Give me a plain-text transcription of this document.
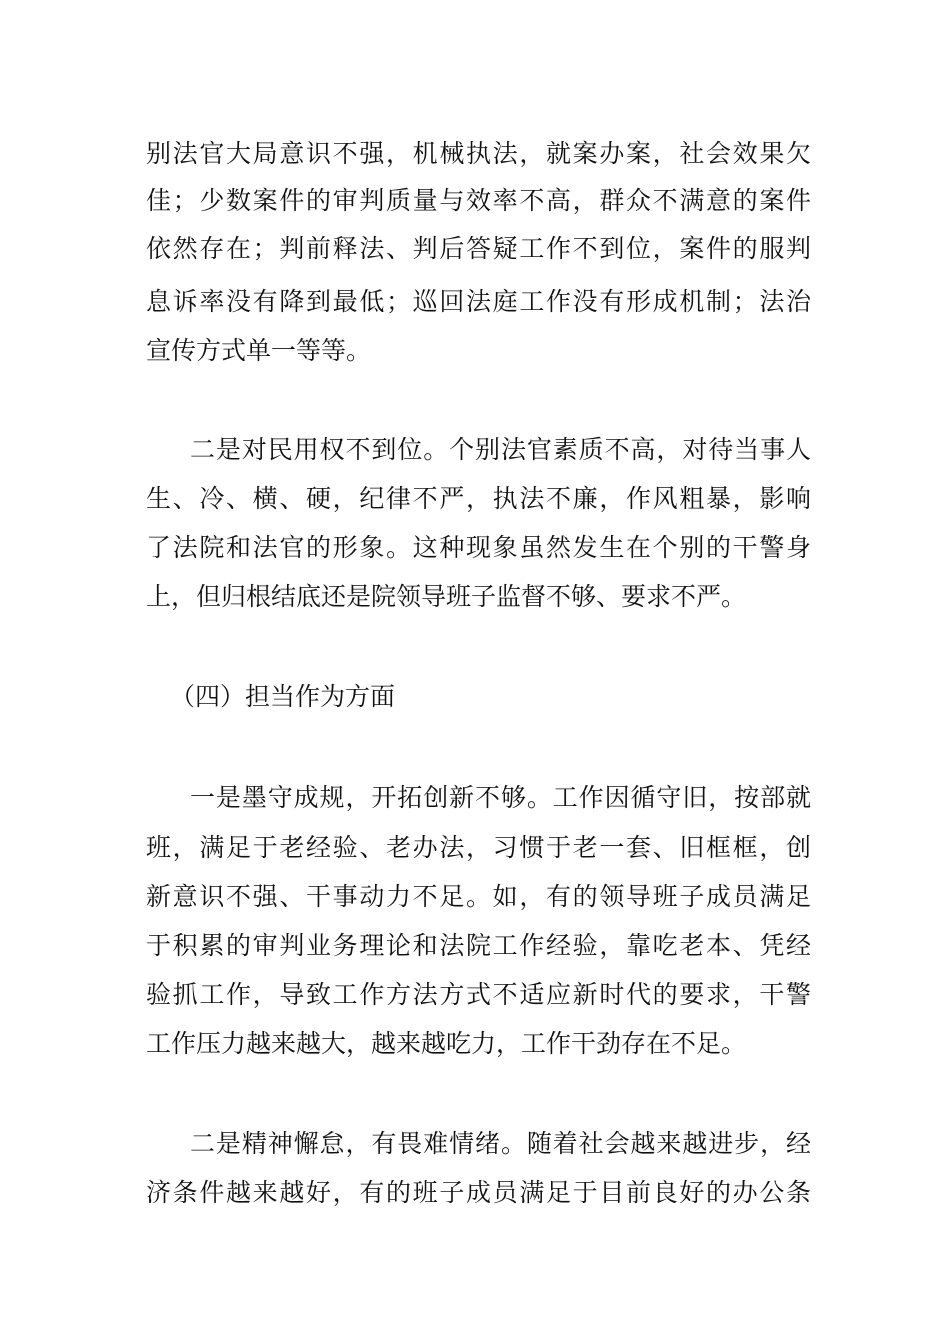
别法官大局意识不强，机械执法，就案办案，社会效果欠

佳；少数案件的审判质量与效率不高，群众不满意的案件

依然存在；判前释法、判后答疑工作不到位，案件的服判

息诉率没有降到最低；巡回法庭工作没有形成机制；法治

宣传方式单一等等。

二是对民用权不到位。个别法官素质不高，对待当事人

生、冷、横、硬，纪律不严，执法不廉，作风粗暴，影响

了法院和法官的形象。这种现象虽然发生在个别的干警身

上，但归根结底还是院领导班子监督不够、要求不严。

（四）担当作为方面

一是墨守成规，开拓创新不够。工作因循守旧，按部就

班，满足于老经验、老办法，习惯于老一套、旧框框，创

新意识不强、干事动力不足。如，有的领导班子成员满足

于积累的审判业务理论和法院工作经验，靠吃老本、凭经

验抓工作，导致工作方法方式不适应新时代的要求，干警

工作压力越来越大，越来越吃力，工作干劲存在不足。

二是精神懈怠，有畏难情绪。随着社会越来越进步，经

济条件越来越好，有的班子成员满足于目前良好的办公条
